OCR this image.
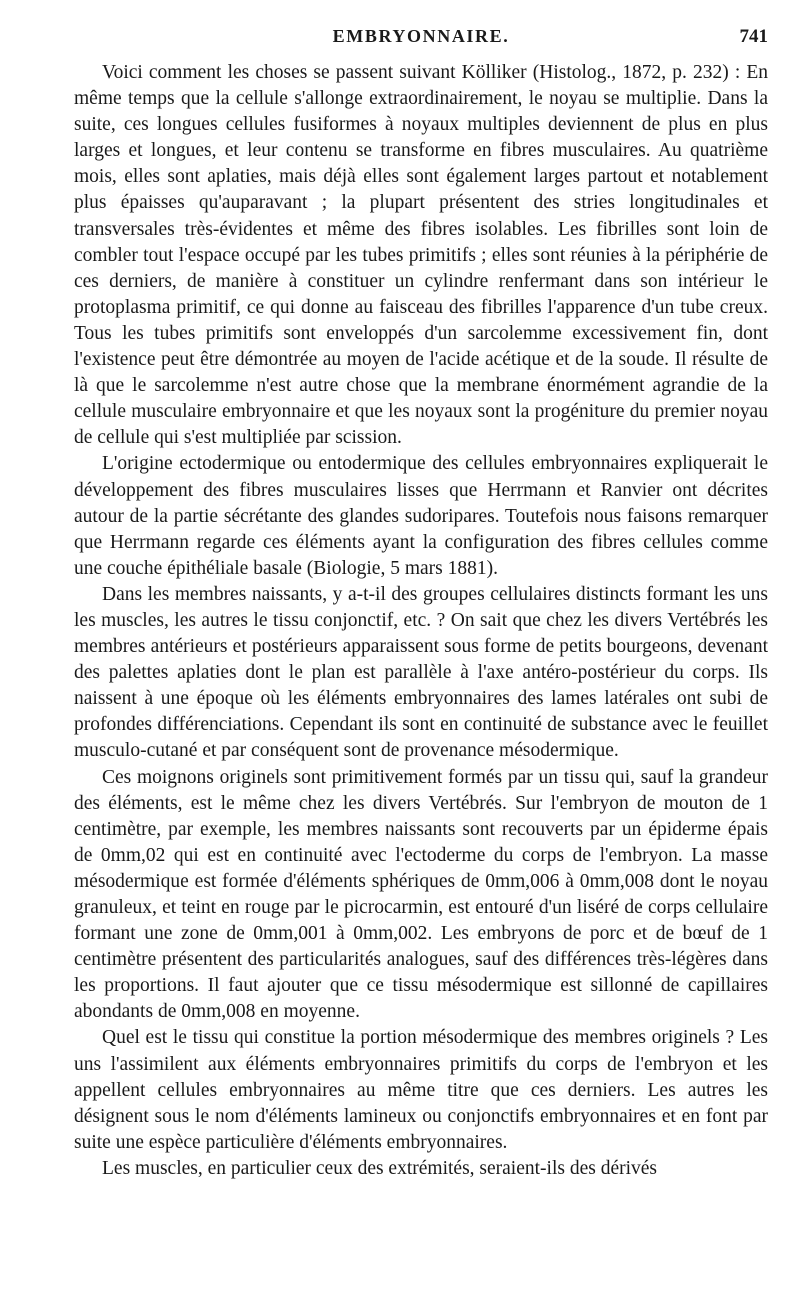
EMBRYONNAIRE.	741

Voici comment les choses se passent suivant Kölliker (Histolog., 1872, p. 232) : En même temps que la cellule s'allonge extraordinairement, le noyau se multiplie. Dans la suite, ces longues cellules fusiformes à noyaux multiples deviennent de plus en plus larges et longues, et leur contenu se transforme en fibres musculaires. Au quatrième mois, elles sont aplaties, mais déjà elles sont également larges partout et notablement plus épaisses qu'auparavant ; la plupart présentent des stries longitudinales et transversales très-évidentes et même des fibres isolables. Les fibrilles sont loin de combler tout l'espace occupé par les tubes primitifs ; elles sont réunies à la périphérie de ces derniers, de manière à constituer un cylindre renfermant dans son intérieur le protoplasma primitif, ce qui donne au faisceau des fibrilles l'apparence d'un tube creux. Tous les tubes primitifs sont enveloppés d'un sarcolemme excessivement fin, dont l'existence peut être démontrée au moyen de l'acide acétique et de la soude. Il résulte de là que le sarcolemme n'est autre chose que la membrane énormément agrandie de la cellule musculaire embryonnaire et que les noyaux sont la progéniture du premier noyau de cellule qui s'est multipliée par scission.

L'origine ectodermique ou entodermique des cellules embryonnaires expliquerait le développement des fibres musculaires lisses que Herrmann et Ranvier ont décrites autour de la partie sécrétante des glandes sudoripares. Toutefois nous faisons remarquer que Herrmann regarde ces éléments ayant la configuration des fibres cellules comme une couche épithéliale basale (Biologie, 5 mars 1881).

Dans les membres naissants, y a-t-il des groupes cellulaires distincts formant les uns les muscles, les autres le tissu conjonctif, etc. ? On sait que chez les divers Vertébrés les membres antérieurs et postérieurs apparaissent sous forme de petits bourgeons, devenant des palettes aplaties dont le plan est parallèle à l'axe antéro-postérieur du corps. Ils naissent à une époque où les éléments embryonnaires des lames latérales ont subi de profondes différenciations. Cependant ils sont en continuité de substance avec le feuillet musculo-cutané et par conséquent sont de provenance mésodermique.

Ces moignons originels sont primitivement formés par un tissu qui, sauf la grandeur des éléments, est le même chez les divers Vertébrés. Sur l'embryon de mouton de 1 centimètre, par exemple, les membres naissants sont recouverts par un épiderme épais de 0mm,02 qui est en continuité avec l'ectoderme du corps de l'embryon. La masse mésodermique est formée d'éléments sphériques de 0mm,006 à 0mm,008 dont le noyau granuleux, et teint en rouge par le picrocarmin, est entouré d'un liséré de corps cellulaire formant une zone de 0mm,001 à 0mm,002. Les embryons de porc et de bœuf de 1 centimètre présentent des particularités analogues, sauf des différences très-légères dans les proportions. Il faut ajouter que ce tissu mésodermique est sillonné de capillaires abondants de 0mm,008 en moyenne.

Quel est le tissu qui constitue la portion mésodermique des membres originels ? Les uns l'assimilent aux éléments embryonnaires primitifs du corps de l'embryon et les appellent cellules embryonnaires au même titre que ces derniers. Les autres les désignent sous le nom d'éléments lamineux ou conjonctifs embryonnaires et en font par suite une espèce particulière d'éléments embryonnaires.

Les muscles, en particulier ceux des extrémités, seraient-ils des dérivés
